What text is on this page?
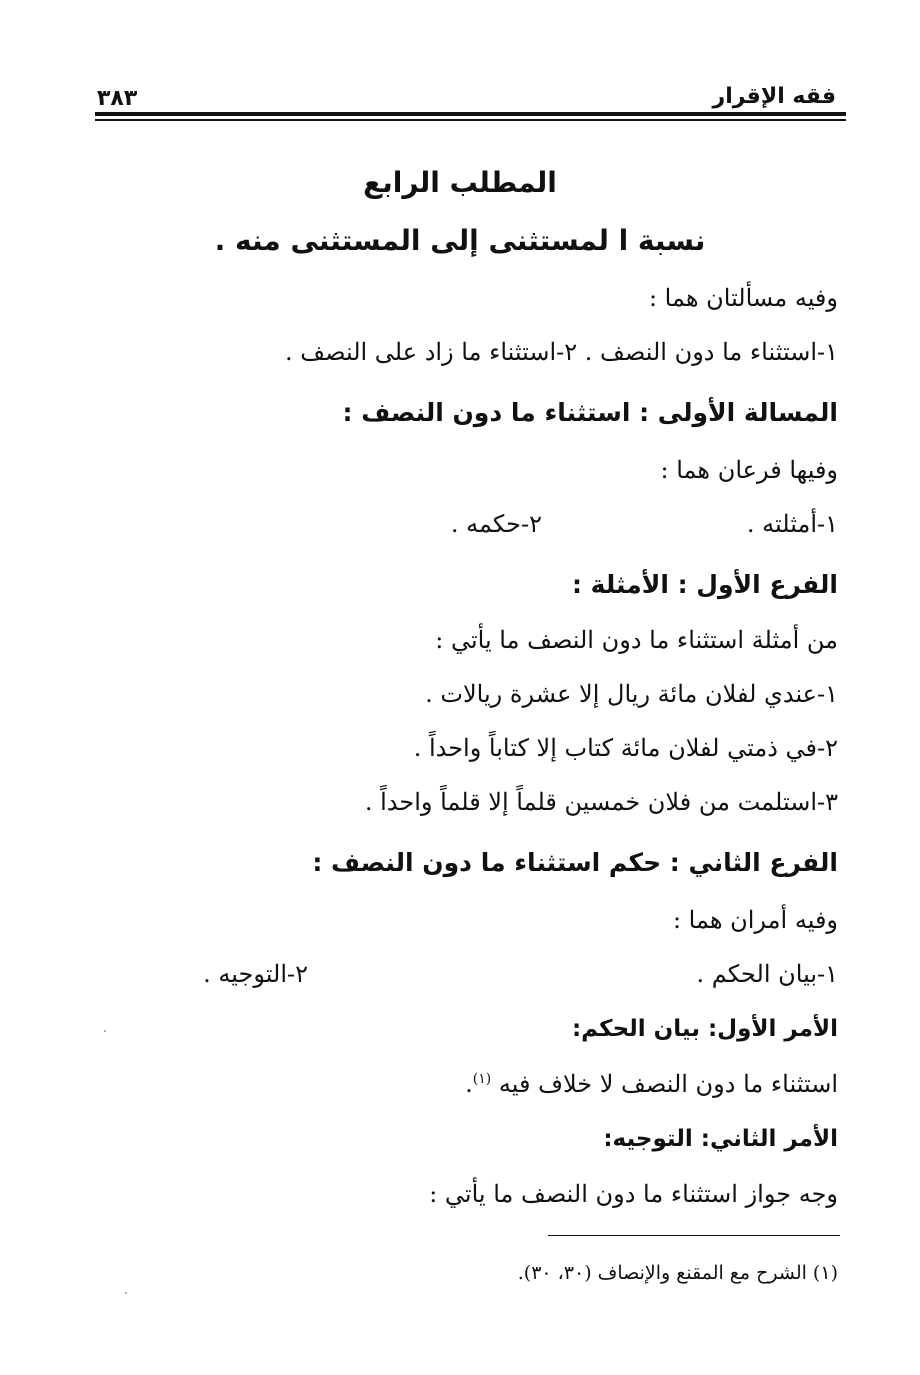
فقه الإقرار
٣٨٣
المطلب الرابع
نسبة ا لمستثنى إلى المستثنى منه .
وفيه مسألتان هما :
١-استثناء ما دون النصف . ٢-استثناء ما زاد على النصف .
المسالة الأولى : استثناء ما دون النصف :
وفيها فرعان هما :
١-أمثلته .
٢-حكمه .
الفرع الأول : الأمثلة :
من أمثلة استثناء ما دون النصف ما يأتي :
١-عندي لفلان مائة ريال إلا عشرة ريالات .
٢-في ذمتي لفلان مائة كتاب إلا كتاباً واحداً .
٣-استلمت من فلان خمسين قلماً إلا قلماً واحداً .
الفرع الثاني : حكم استثناء ما دون النصف :
وفيه أمران هما :
١-بيان الحكم .
٢-التوجيه .
الأمر الأول: بيان الحكم:
استثناء ما دون النصف لا خلاف فيه $^{(١)}$.
الأمر الثاني: التوجيه:
وجه جواز استثناء ما دون النصف ما يأتي :
(١) الشرح مع المقنع والإنصاف (٣٠، ٣٠).
